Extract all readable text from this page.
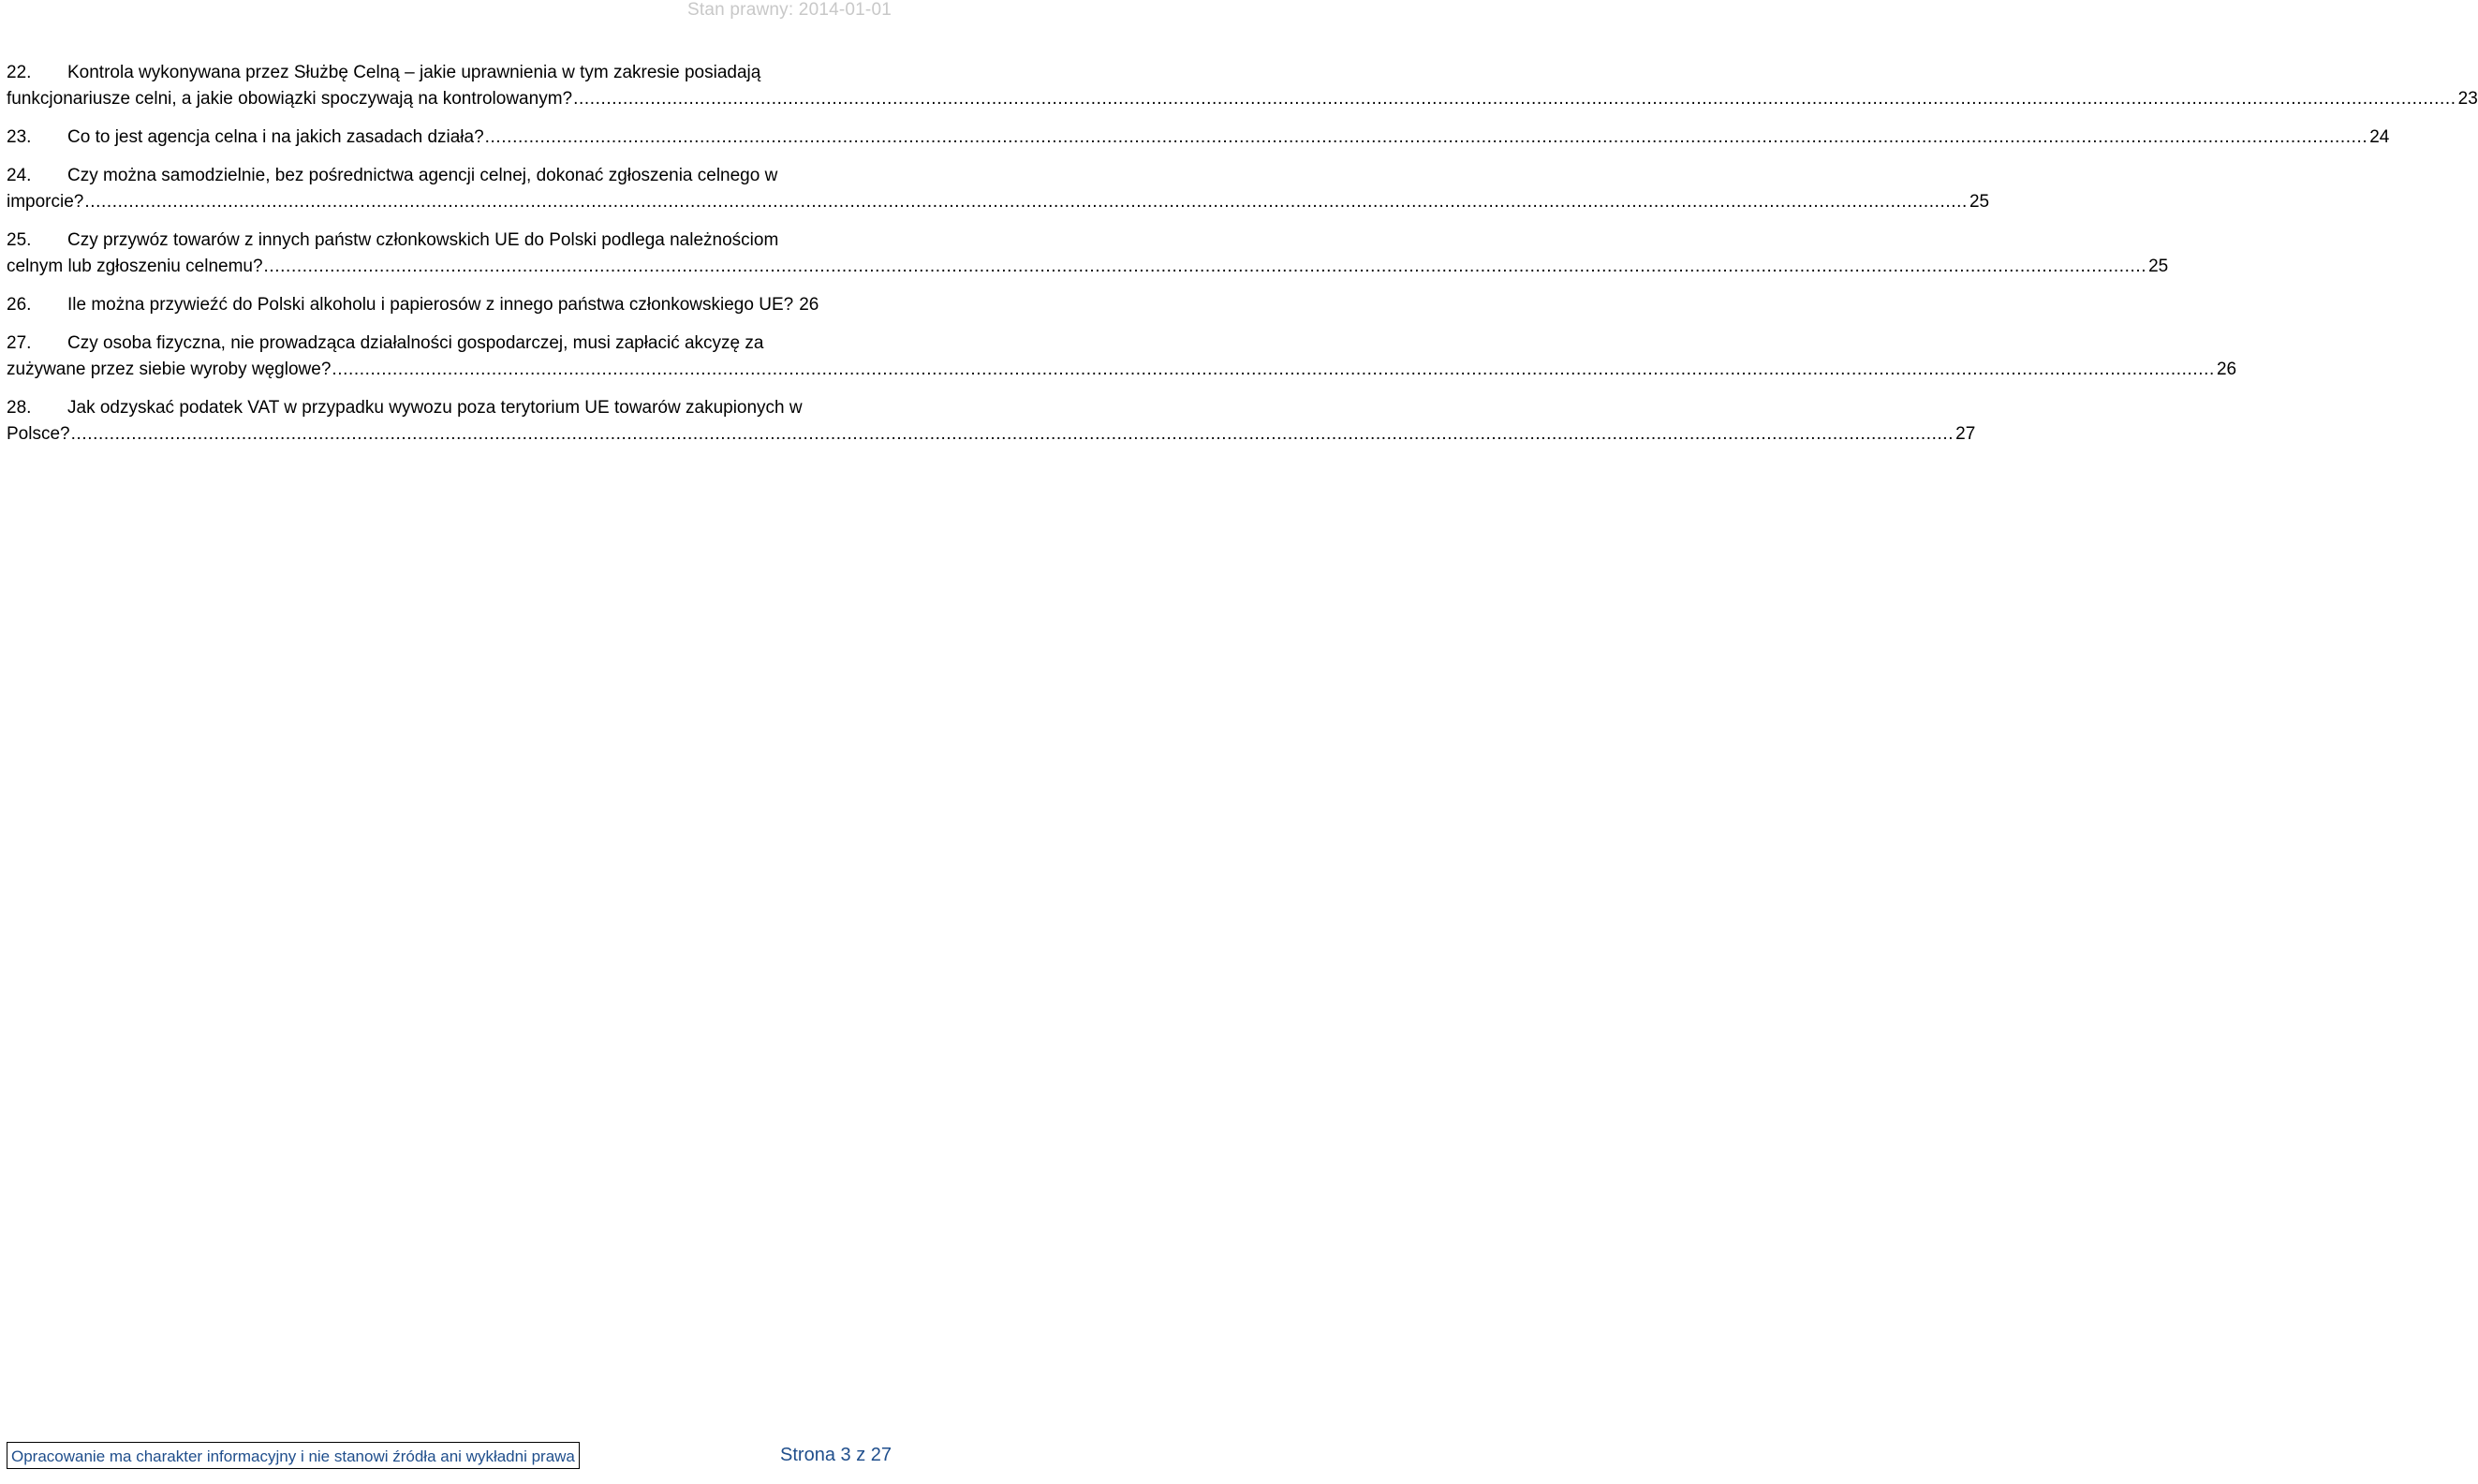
Stan prawny: 2014-01-01
22. Kontrola wykonywana przez Służbę Celną – jakie uprawnienia w tym zakresie posiadają
funkcjonariusze celni, a jakie obowiązki spoczywają na kontrolowanym? .....	23
23.	Co to jest agencja celna i na jakich zasadach działa? .....	24
24. Czy można samodzielnie, bez pośrednictwa agencji celnej, dokonać zgłoszenia celnego w
imporcie? .....	25
25. Czy przywóz towarów z innych państw członkowskich UE do Polski podlega należnościom
celnym lub zgłoszeniu celnemu? .....	25
26.	Ile można przywieźć do Polski alkoholu i papierosów z innego państwa członkowskiego UE? 26
27. Czy osoba fizyczna, nie prowadząca działalności gospodarczej, musi zapłacić akcyzę za
zużywane przez siebie wyroby węglowe? .....	26
28. Jak odzyskać podatek VAT w przypadku wywozu poza terytorium UE towarów zakupionych w
Polsce? .....	27
Opracowanie ma charakter informacyjny i nie stanowi źródła ani wykładni prawa	Strona 3 z 27
